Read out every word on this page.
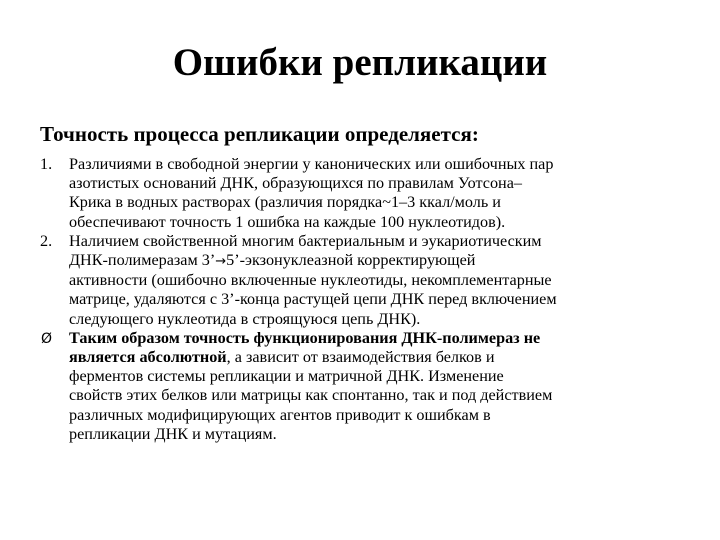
Ошибки репликации

Точность процесса репликации определяется:

1.	Различиями в свободной энергии у канонических или ошибочных пар
азотистых оснований ДНК, образующихся по правилам Уотсона–
Крика в водных растворах (различия порядка~1–3 ккал/моль и
обеспечивают точность 1 ошибка на каждые 100 нуклеотидов).
2.	Наличием свойственной многим бактериальным и эукариотическим
ДНК-полимеразам 3’→5’-экзонуклеазной корректирующей
активности (ошибочно включенные нуклеотиды, некомплементарные
матрице, удаляются с 3’-конца растущей цепи ДНК перед включением
следующего нуклеотида в строящуюся цепь ДНК).
Ø	Таким образом точность функционирования ДНК-полимераз не
является абсолютной, а зависит от взаимодействия белков и
ферментов системы репликации и матричной ДНК. Изменение
свойств этих белков или матрицы как спонтанно, так и под действием
различных модифицирующих агентов приводит к ошибкам в
репликации ДНК и мутациям.
